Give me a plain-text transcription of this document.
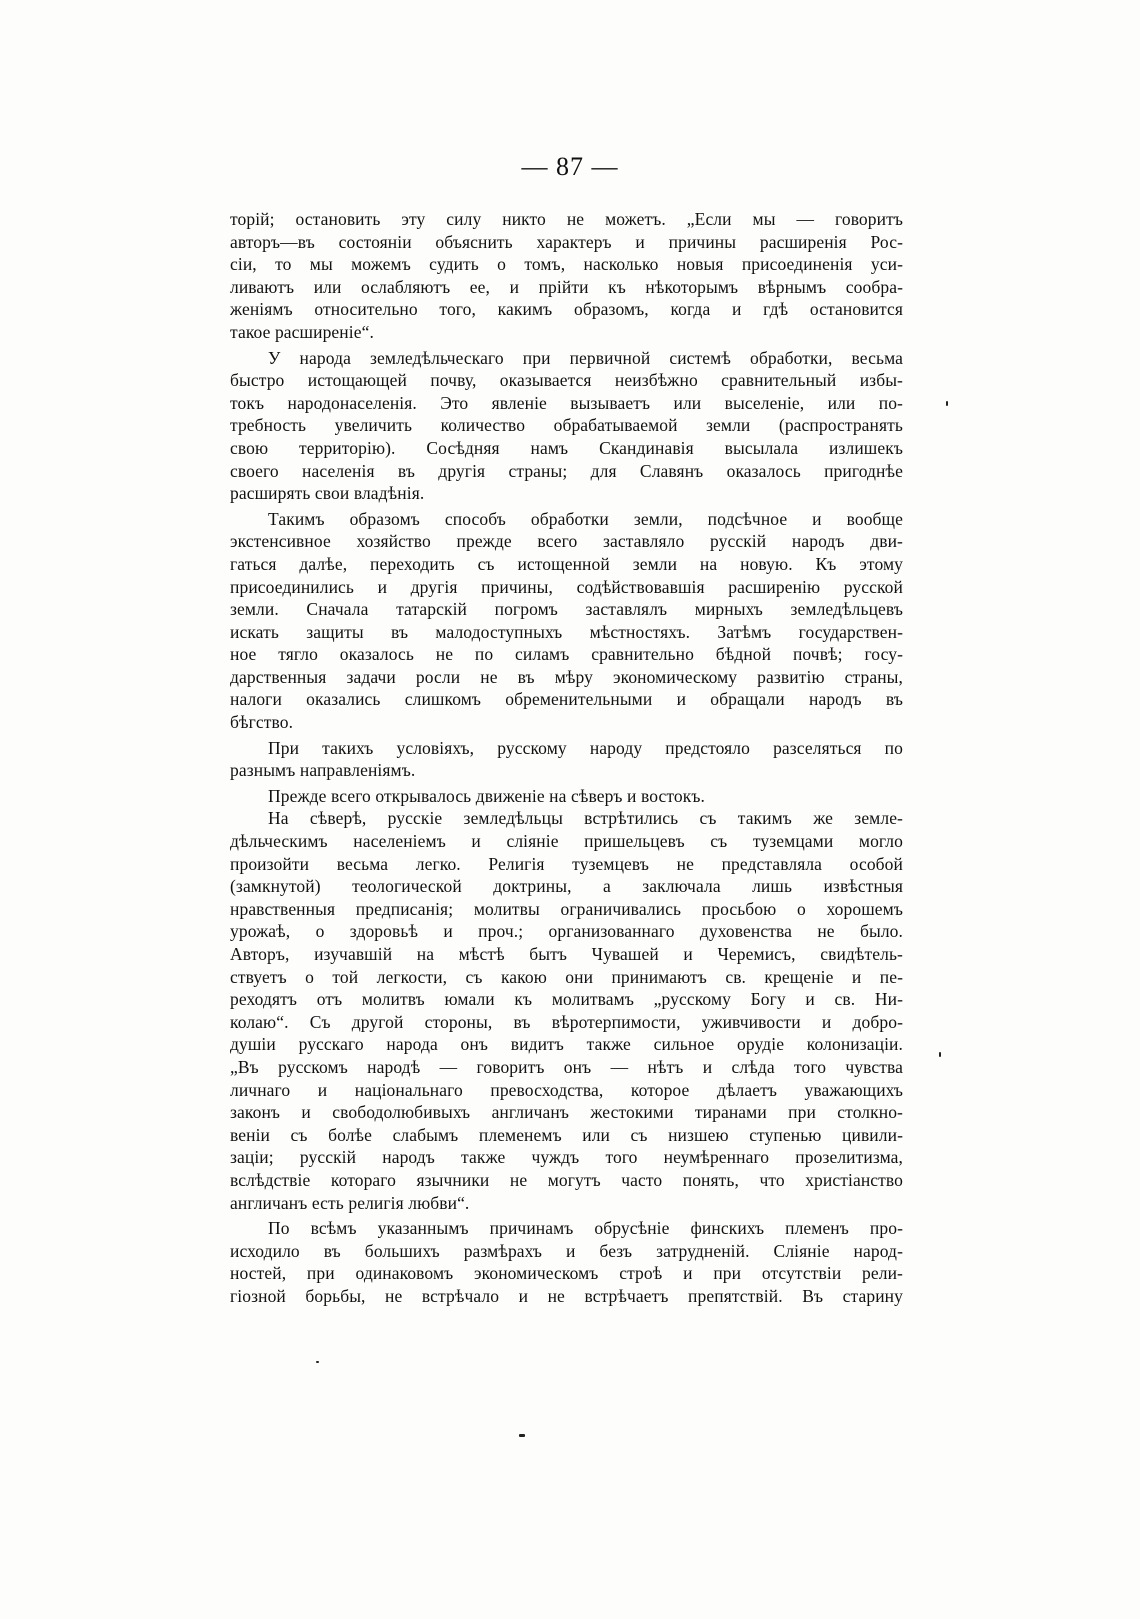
— 87 —
торій; остановить эту силу никто не можетъ. „Если мы — говоритъ
авторъ—въ состояніи объяснить характеръ и причины расширенія Рос-
сіи, то мы можемъ судить о томъ, насколько новыя присоединенія уси-
ливаютъ или ослабляютъ ее, и прійти къ нѣкоторымъ вѣрнымъ сообра-
женіямъ относительно того, какимъ образомъ, когда и гдѣ остановится
такое расширеніе“.
У народа земледѣльческаго при первичной системѣ обработки, весьма
быстро истощающей почву, оказывается неизбѣжно сравнительный избы-
токъ народонаселенія. Это явленіе вызываетъ или выселеніе, или по-
требность увеличить количество обрабатываемой земли (распространять
свою территорію). Сосѣдняя намъ Скандинавія высылала излишекъ
своего населенія въ другія страны; для Славянъ оказалось пригоднѣе
расширять свои владѣнія.
Такимъ образомъ способъ обработки земли, подсѣчное и вообще
экстенсивное хозяйство прежде всего заставляло русскій народъ дви-
гаться далѣе, переходить съ истощенной земли на новую. Къ этому
присоединились и другія причины, содѣйствовавшія расширенію русской
земли. Сначала татарскій погромъ заставлялъ мирныхъ земледѣльцевъ
искать защиты въ малодоступныхъ мѣстностяхъ. Затѣмъ государствен-
ное тягло оказалось не по силамъ сравнительно бѣдной почвѣ; госу-
дарственныя задачи росли не въ мѣру экономическому развитію страны,
налоги оказались слишкомъ обременительными и обращали народъ въ
бѣгство.
При такихъ условіяхъ, русскому народу предстояло разселяться по
разнымъ направленіямъ.
Прежде всего открывалось движеніе на сѣверъ и востокъ.
На сѣверѣ, русскіе земледѣльцы встрѣтились съ такимъ же земле-
дѣльческимъ населеніемъ и сліяніе пришельцевъ съ туземцами могло
произойти весьма легко. Религія туземцевъ не представляла особой
(замкнутой) теологической доктрины, а заключала лишь извѣстныя
нравственныя предписанія; молитвы ограничивались просьбою о хорошемъ
урожаѣ, о здоровьѣ и проч.; организованнаго духовенства не было.
Авторъ, изучавшій на мѣстѣ бытъ Чувашей и Черемисъ, свидѣтель-
ствуетъ о той легкости, съ какою они принимаютъ св. крещеніе и пе-
реходятъ отъ молитвъ юмали къ молитвамъ „русскому Богу и св. Ни-
колаю“. Съ другой стороны, въ вѣротерпимости, уживчивости и добро-
душіи русскаго народа онъ видитъ также сильное орудіе колонизаціи.
„Въ русскомъ народѣ — говоритъ онъ — нѣтъ и слѣда того чувства
личнаго и національнаго превосходства, которое дѣлаетъ уважающихъ
законъ и свободолюбивыхъ англичанъ жестокими тиранами при столкно-
веніи съ болѣе слабымъ племенемъ или съ низшею ступенью цивили-
заціи; русскій народъ также чуждъ того неумѣреннаго прозелитизма,
вслѣдствіе котораго язычники не могутъ часто понять, что христіанство
англичанъ есть религія любви“.
По всѣмъ указаннымъ причинамъ обрусѣніе финскихъ племенъ про-
исходило въ большихъ размѣрахъ и безъ затрудненій. Сліяніе народ-
ностей, при одинаковомъ экономическомъ строѣ и при отсутствіи рели-
гіозной борьбы, не встрѣчало и не встрѣчаетъ препятствій. Въ старину
